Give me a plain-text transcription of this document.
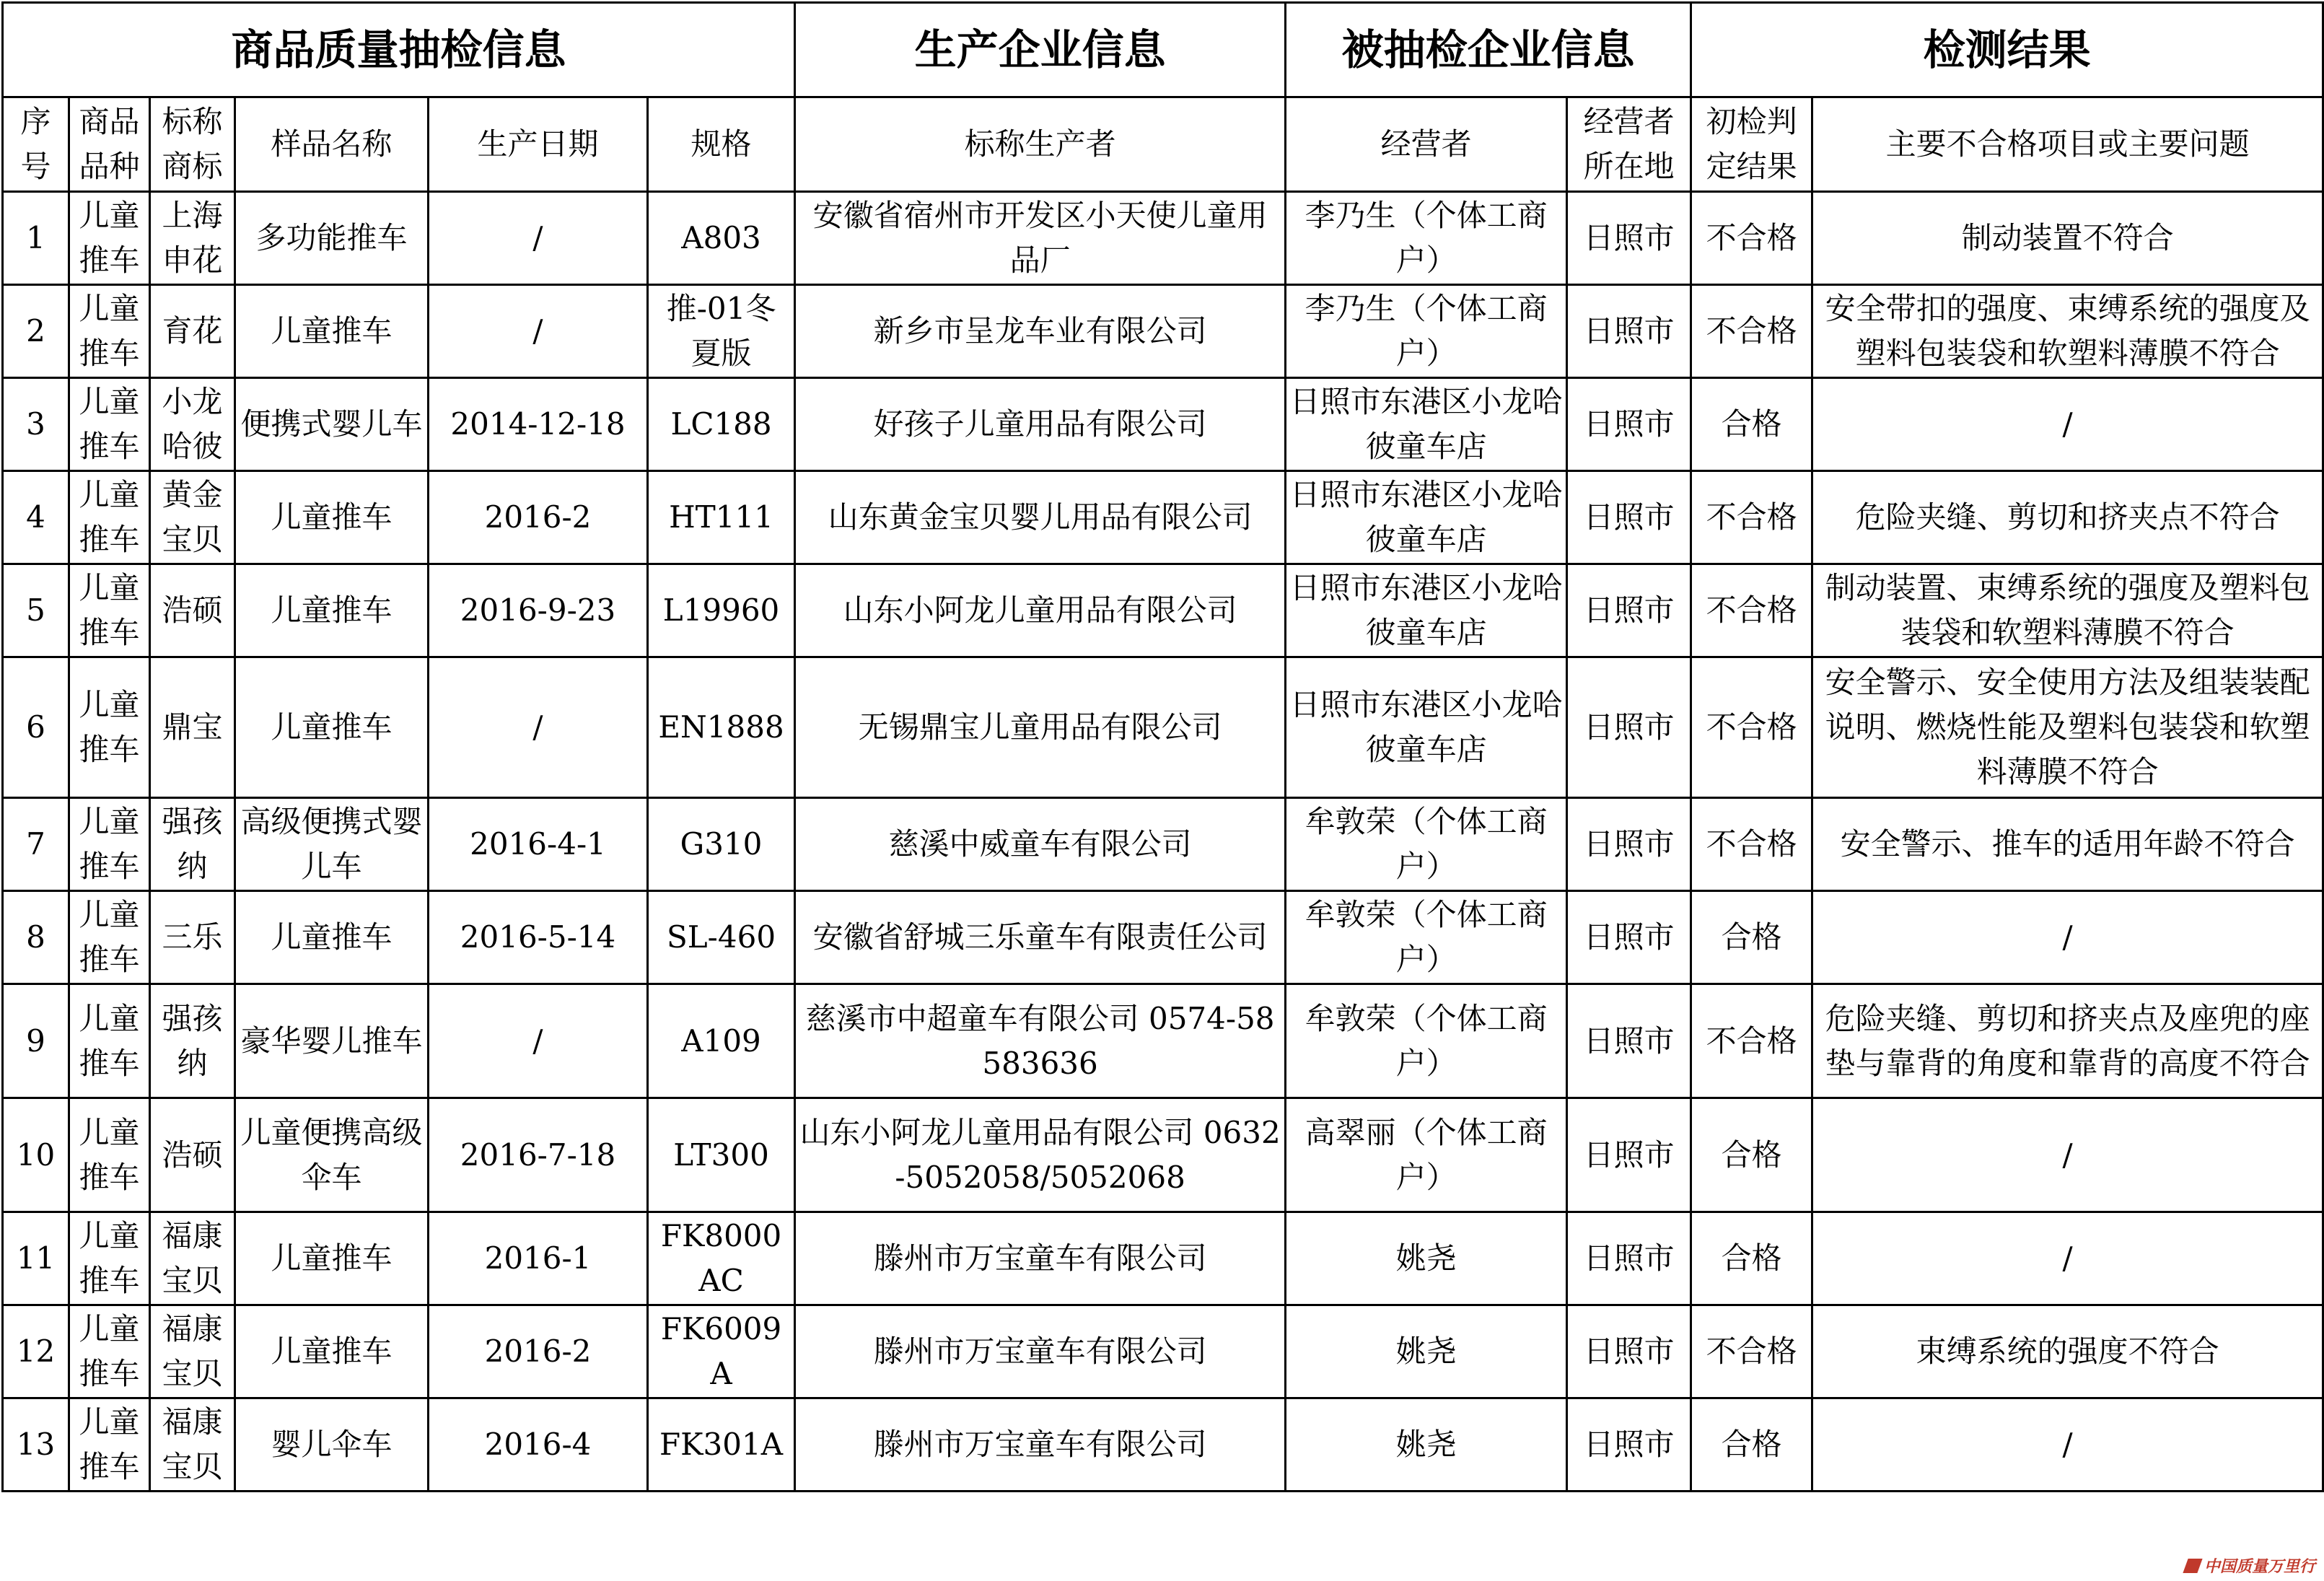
商品质量抽检信息						生产企业信息	被抽检企业信息		检测结果	
序号	商品品种	标称商标	样品名称	生产日期	规格	标称生产者	经营者	经营者所在地	初检判定结果	主要不合格项目或主要问题
1	儿童推车	上海申花	多功能推车	/	A803	安徽省宿州市开发区小天使儿童用品厂	李乃生（个体工商户）	日照市	不合格	制动装置不符合
2	儿童推车	育花	儿童推车	/	推-01冬夏版	新乡市呈龙车业有限公司	李乃生（个体工商户）	日照市	不合格	安全带扣的强度、束缚系统的强度及塑料包装袋和软塑料薄膜不符合
3	儿童推车	小龙哈彼	便携式婴儿车	2014-12-18	LC188	好孩子儿童用品有限公司	日照市东港区小龙哈彼童车店	日照市	合格	/
4	儿童推车	黄金宝贝	儿童推车	2016-2	HT111	山东黄金宝贝婴儿用品有限公司	日照市东港区小龙哈彼童车店	日照市	不合格	危险夹缝、剪切和挤夹点不符合
5	儿童推车	浩硕	儿童推车	2016-9-23	L19960	山东小阿龙儿童用品有限公司	日照市东港区小龙哈彼童车店	日照市	不合格	制动装置、束缚系统的强度及塑料包装袋和软塑料薄膜不符合
6	儿童推车	鼎宝	儿童推车	/	EN1888	无锡鼎宝儿童用品有限公司	日照市东港区小龙哈彼童车店	日照市	不合格	安全警示、安全使用方法及组装装配说明、燃烧性能及塑料包装袋和软塑料薄膜不符合
7	儿童推车	强孩纳	高级便携式婴儿车	2016-4-1	G310	慈溪中威童车有限公司	牟敦荣（个体工商户）	日照市	不合格	安全警示、推车的适用年龄不符合
8	儿童推车	三乐	儿童推车	2016-5-14	SL-460	安徽省舒城三乐童车有限责任公司	牟敦荣（个体工商户）	日照市	合格	/
9	儿童推车	强孩纳	豪华婴儿推车	/	A109	慈溪市中超童车有限公司 0574-58583636	牟敦荣（个体工商户）	日照市	不合格	危险夹缝、剪切和挤夹点及座兜的座垫与靠背的角度和靠背的高度不符合
10	儿童推车	浩硕	儿童便携高级伞车	2016-7-18	LT300	山东小阿龙儿童用品有限公司 0632-5052058/5052068	高翠丽（个体工商户）	日照市	合格	/
11	儿童推车	福康宝贝	儿童推车	2016-1	FK8000AC	滕州市万宝童车有限公司	姚尧	日照市	合格	/
12	儿童推车	福康宝贝	儿童推车	2016-2	FK6009A	滕州市万宝童车有限公司	姚尧	日照市	不合格	束缚系统的强度不符合
13	儿童推车	福康宝贝	婴儿伞车	2016-4	FK301A	滕州市万宝童车有限公司	姚尧	日照市	合格	/
中国质量万里行
